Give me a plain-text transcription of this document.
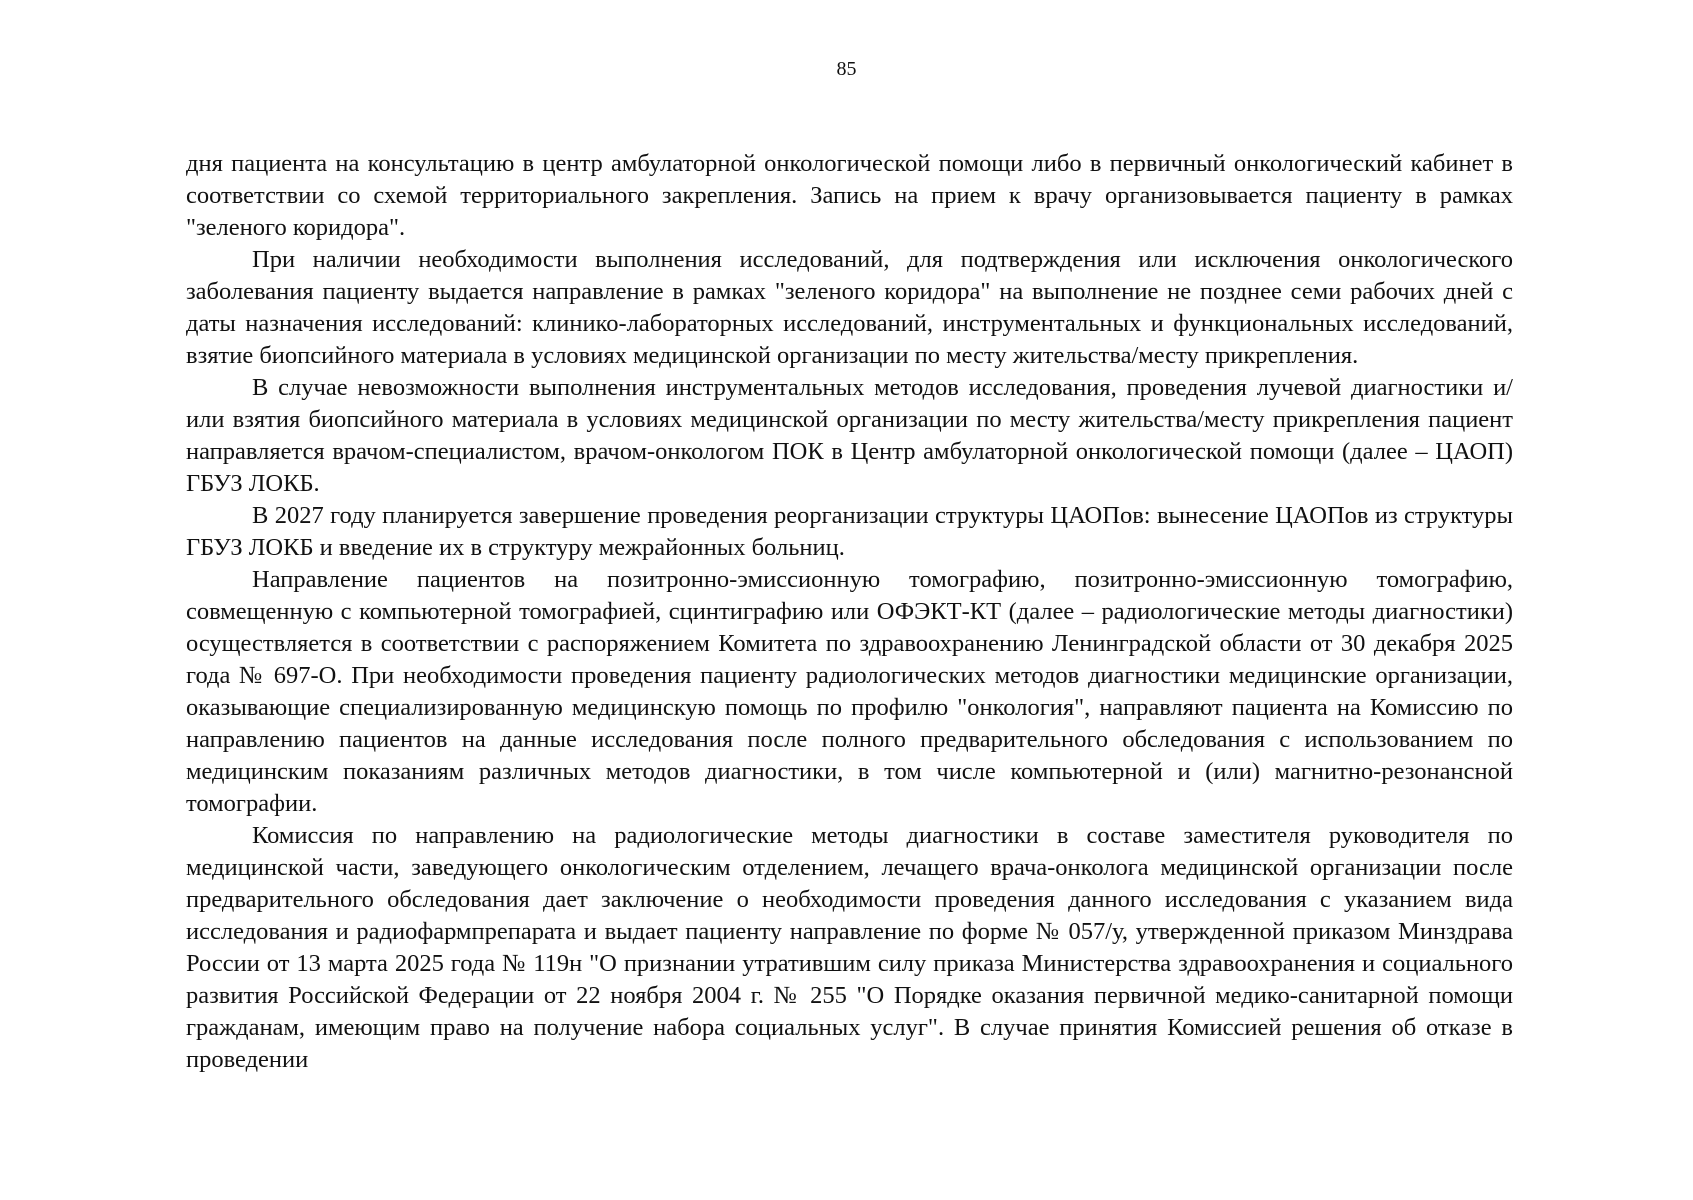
85

дня пациента на консультацию в центр амбулаторной онкологической помощи либо в первичный онкологический кабинет в соответствии со схемой территориального закрепления. Запись на прием к врачу организовывается пациенту в рамках "зеленого коридора".

При наличии необходимости выполнения исследований, для подтверждения или исключения онкологического заболевания пациенту выдается направление в рамках "зеленого коридора" на выполнение не позднее семи рабочих дней с даты назначения исследований: клинико-лабораторных исследований, инструментальных и функциональных исследований, взятие биопсийного материала в условиях медицинской организации по месту жительства/месту прикрепления.

В случае невозможности выполнения инструментальных методов исследования, проведения лучевой диагностики и/или взятия биопсийного материала в условиях медицинской организации по месту жительства/месту прикрепления пациент направляется врачом-специалистом, врачом-онкологом ПОК в Центр амбулаторной онкологической помощи (далее – ЦАОП) ГБУЗ ЛОКБ.

В 2027 году планируется завершение проведения реорганизации структуры ЦАОПов: вынесение ЦАОПов из структуры ГБУЗ ЛОКБ и введение их в структуру межрайонных больниц.

Направление пациентов на позитронно-эмиссионную томографию, позитронно-эмиссионную томографию, совмещенную с компьютерной томографией, сцинтиграфию или ОФЭКТ-КТ (далее – радиологические методы диагностики) осуществляется в соответствии с распоряжением Комитета по здравоохранению Ленинградской области от 30 декабря 2025 года № 697-О. При необходимости проведения пациенту радиологических методов диагностики медицинские организации, оказывающие специализированную медицинскую помощь по профилю "онкология", направляют пациента на Комиссию по направлению пациентов на данные исследования после полного предварительного обследования с использованием по медицинским показаниям различных методов диагностики, в том числе компьютерной и (или) магнитно-резонансной томографии.

Комиссия по направлению на радиологические методы диагностики в составе заместителя руководителя по медицинской части, заведующего онкологическим отделением, лечащего врача-онколога медицинской организации после предварительного обследования дает заключение о необходимости проведения данного исследования с указанием вида исследования и радиофармпрепарата и выдает пациенту направление по форме № 057/у, утвержденной приказом Минздрава России от 13 марта 2025 года № 119н "О признании утратившим силу приказа Министерства здравоохранения и социального развития Российской Федерации от 22 ноября 2004 г. № 255 "О Порядке оказания первичной медико-санитарной помощи гражданам, имеющим право на получение набора социальных услуг". В случае принятия Комиссией решения об отказе в проведении
